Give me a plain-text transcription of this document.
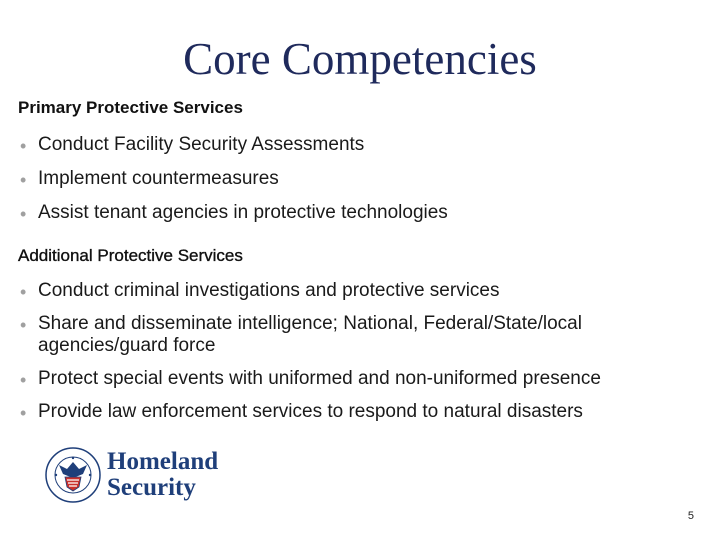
Core Competencies
Primary Protective Services
• Conduct Facility Security Assessments
• Implement countermeasures
• Assist tenant agencies in protective technologies
Additional Protective Services
• Conduct criminal investigations and protective services
• Share and disseminate intelligence; National, Federal/State/local agencies/guard force
• Protect special events with uniformed and non-uniformed presence
• Provide law enforcement services to respond to natural disasters
Homeland
Security
5
